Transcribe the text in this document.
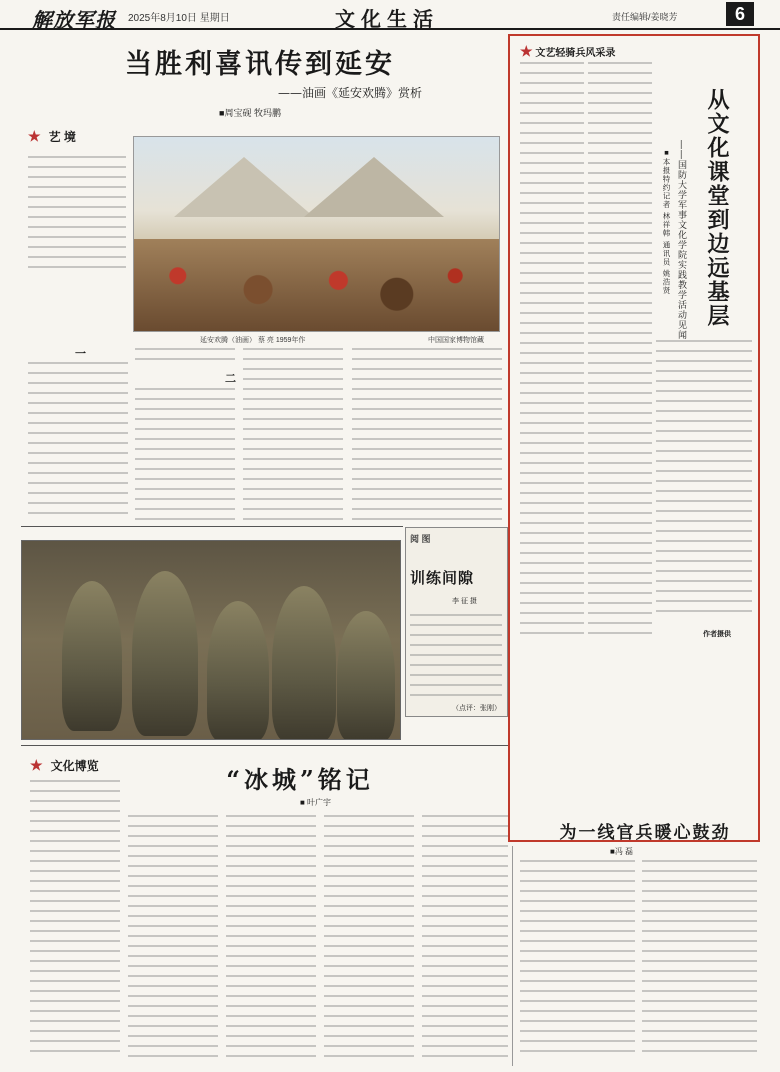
解放军报 2025年8月10日 星期日	文化生活	责任编辑/姜晓芳	6
当胜利喜讯传到延安
——油画《延安欢腾》赏析
■周宝砚 牧玛鹏
★ 艺 境
延安欢腾（油画） 蔡 亮 1959年作	中国国家博物馆藏
一
二
阅 图
训练间隙
李 征 摄
（点评：张刚）
★ 文化博览	“冰城”铭记
■ 叶广宇
★ 文艺轻骑兵风采录
从文化课堂到边远基层
——国防大学军事文化学院实践教学活动见闻
■本报特约记者 林祥韩 通讯员 姚浩贤
作者摄供
为一线官兵暖心鼓劲
■冯 磊
